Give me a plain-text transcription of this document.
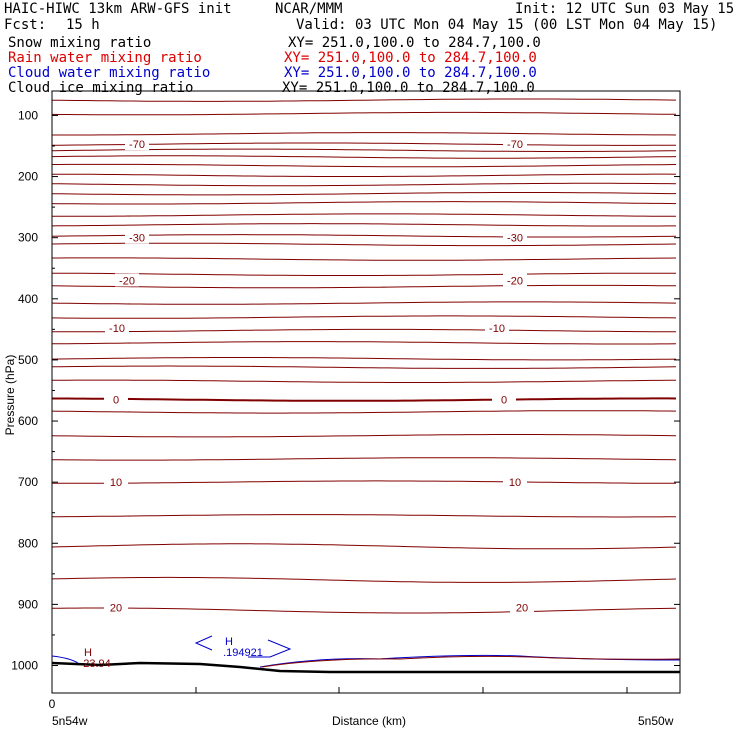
HAIC-HIWC 13km ARW-GFS init	NCAR/MMM	Init: 12 UTC Sun 03 May 15
Fcst: 15 h	Valid: 03 UTC Mon 04 May 15 (00 LST Mon 04 May 15)
Snow mixing ratio	XY= 251.0,100.0 to 284.7,100.0
Rain water mixing ratio	XY= 251.0,100.0 to 284.7,100.0
Cloud water mixing ratio	XY= 251.0,100.0 to 284.7,100.0
Cloud ice mixing ratio	XY= 251.0,100.0 to 284.7,100.0
100
200
300
400
500
600
700
800
900
1000
-70	-70
-30	-30
-20	-20
-10	-10
0	0
10	10
20	20
H
23.94
H
.194921
Pressure (hPa)
Distance (km)
5n54w	5n50w
0
